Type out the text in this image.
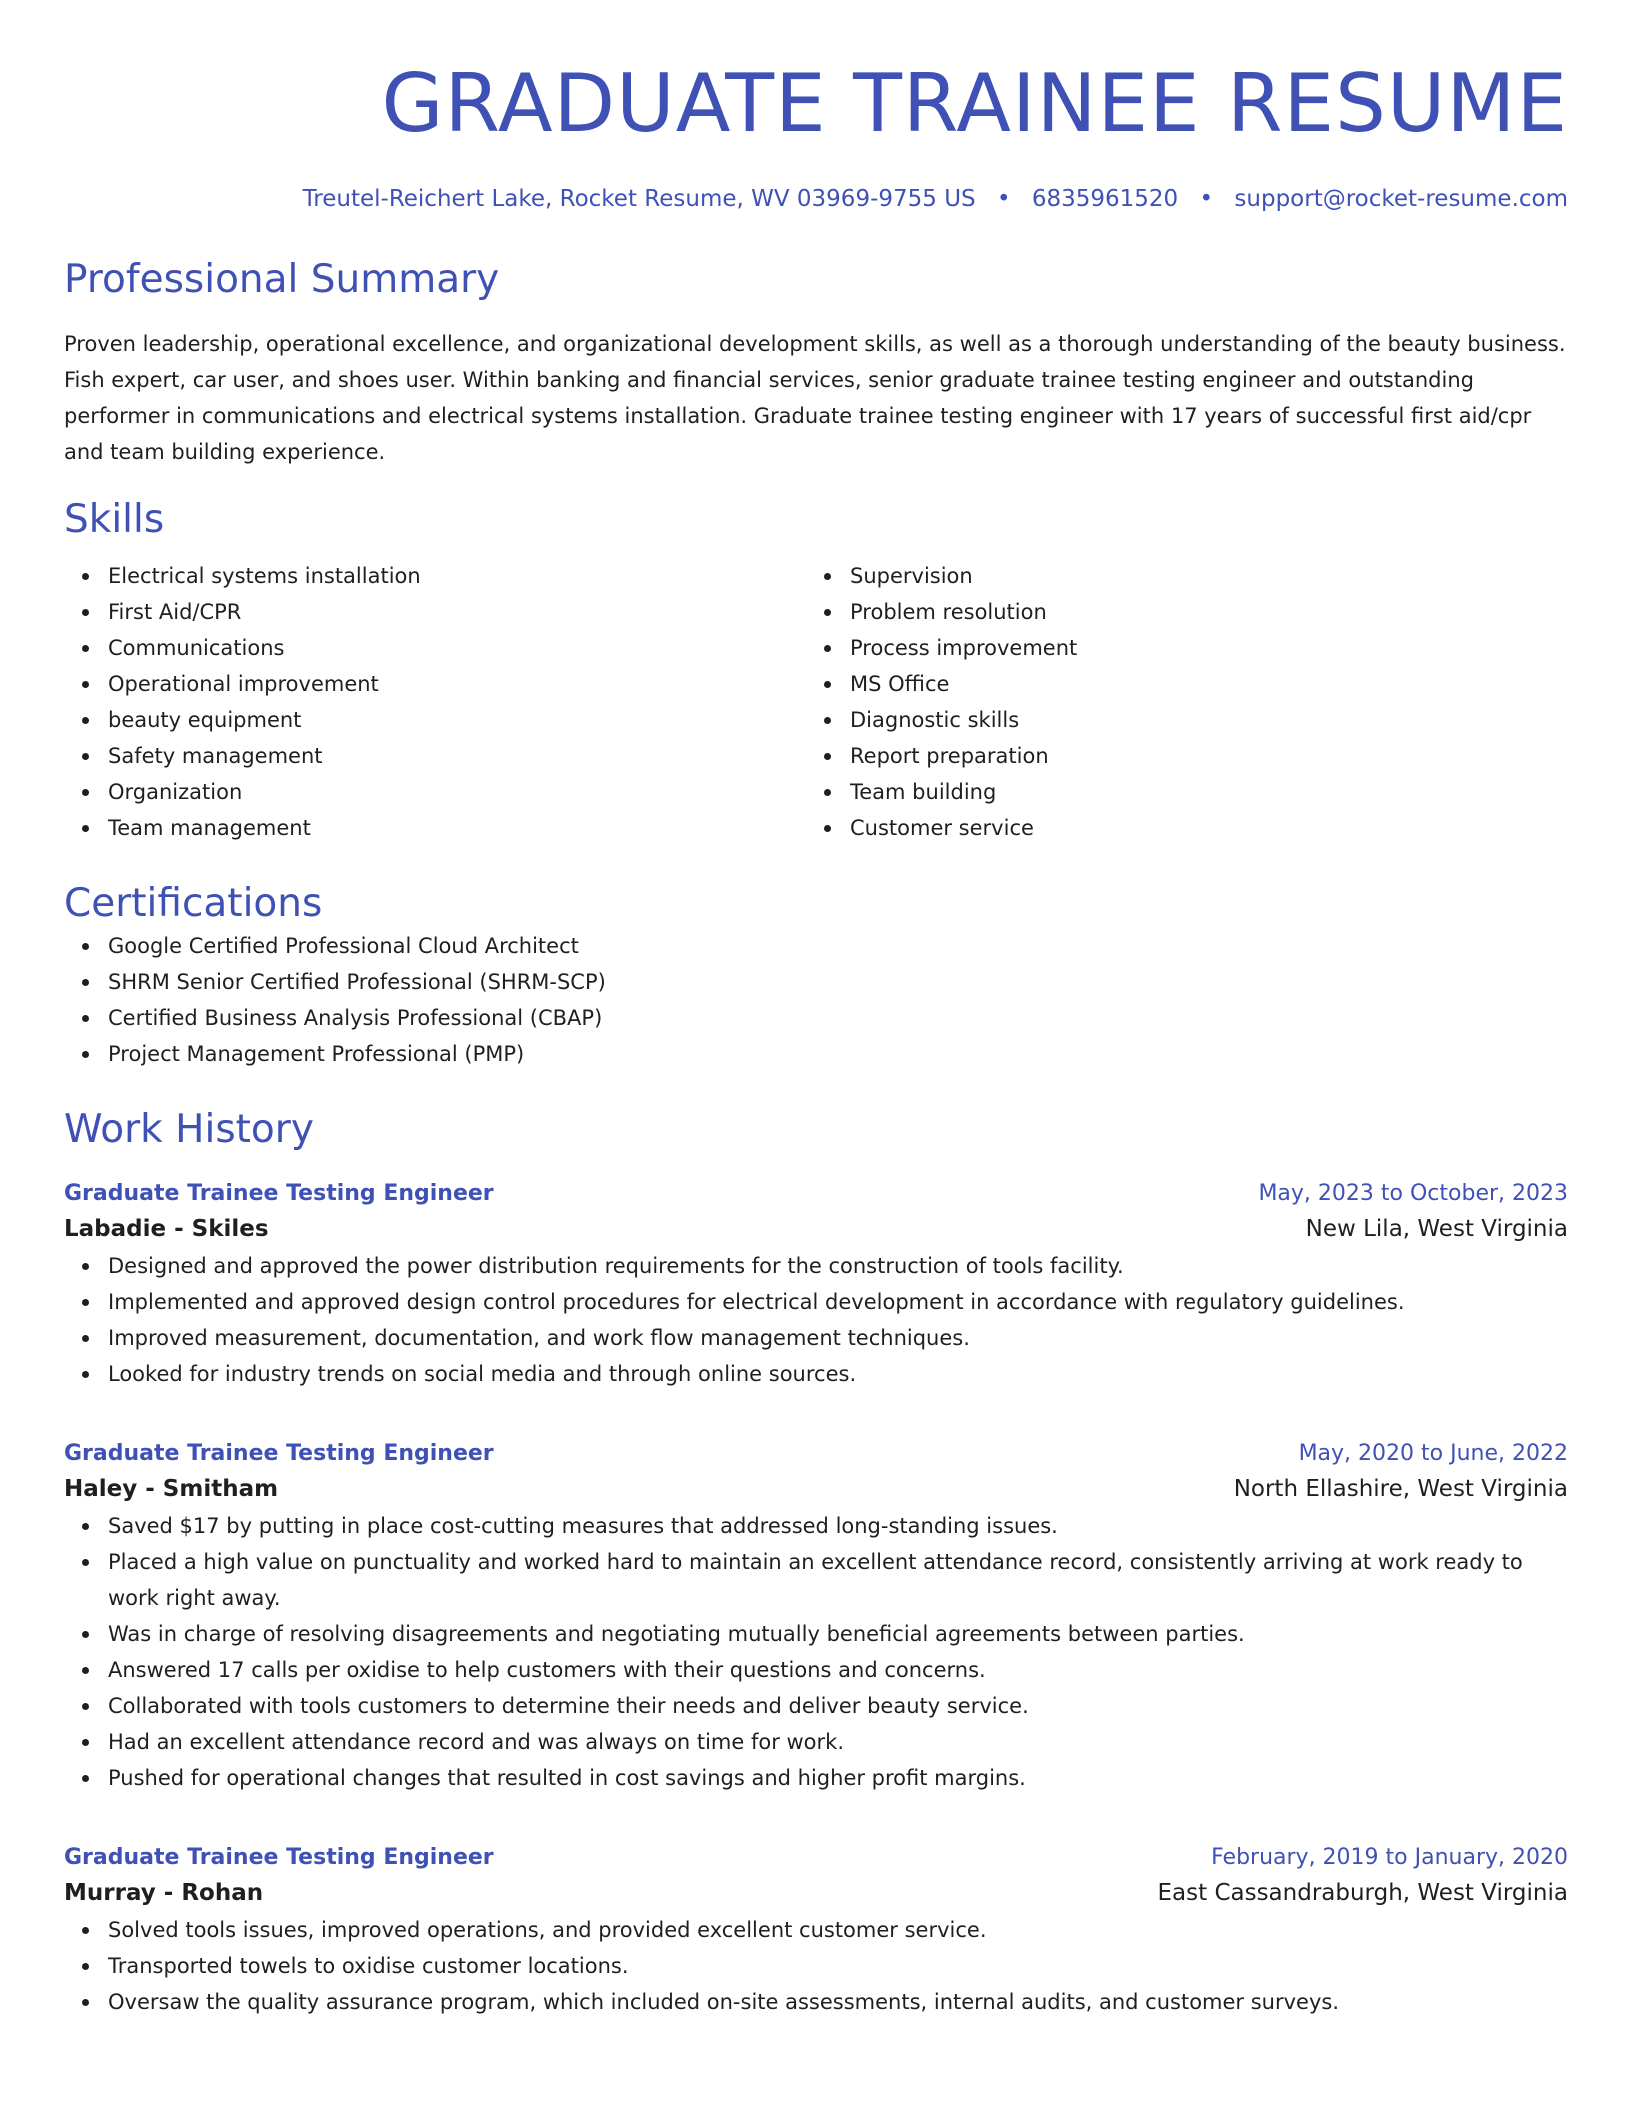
GRADUATE TRAINEE RESUME
Treutel-Reichert Lake, Rocket Resume, WV 03969-9755 US • 6835961520 • support@rocket-resume.com
Professional Summary

Proven leadership, operational excellence, and organizational development skills, as well as a thorough understanding of the beauty business. Fish expert, car user, and shoes user. Within banking and financial services, senior graduate trainee testing engineer and outstanding performer in communications and electrical systems installation. Graduate trainee testing engineer with 17 years of successful first aid/cpr and team building experience.

Skills
Electrical systems installation
First Aid/CPR
Communications
Operational improvement
beauty equipment
Safety management
Organization
Team management
Supervision
Problem resolution
Process improvement
MS Office
Diagnostic skills
Report preparation
Team building
Customer service
Certifications
Google Certified Professional Cloud Architect
SHRM Senior Certified Professional (SHRM-SCP)
Certified Business Analysis Professional (CBAP)
Project Management Professional (PMP)
Work History
Graduate Trainee Testing Engineer	May, 2023 to October, 2023
Labadie - Skiles	New Lila, West Virginia
Designed and approved the power distribution requirements for the construction of tools facility.
Implemented and approved design control procedures for electrical development in accordance with regulatory guidelines.
Improved measurement, documentation, and work flow management techniques.
Looked for industry trends on social media and through online sources.
Graduate Trainee Testing Engineer	May, 2020 to June, 2022
Haley - Smitham	North Ellashire, West Virginia
Saved $17 by putting in place cost-cutting measures that addressed long-standing issues.
Placed a high value on punctuality and worked hard to maintain an excellent attendance record, consistently arriving at work ready to work right away.
Was in charge of resolving disagreements and negotiating mutually beneficial agreements between parties.
Answered 17 calls per oxidise to help customers with their questions and concerns.
Collaborated with tools customers to determine their needs and deliver beauty service.
Had an excellent attendance record and was always on time for work.
Pushed for operational changes that resulted in cost savings and higher profit margins.
Graduate Trainee Testing Engineer	February, 2019 to January, 2020
Murray - Rohan	East Cassandraburgh, West Virginia
Solved tools issues, improved operations, and provided excellent customer service.
Transported towels to oxidise customer locations.
Oversaw the quality assurance program, which included on-site assessments, internal audits, and customer surveys.
